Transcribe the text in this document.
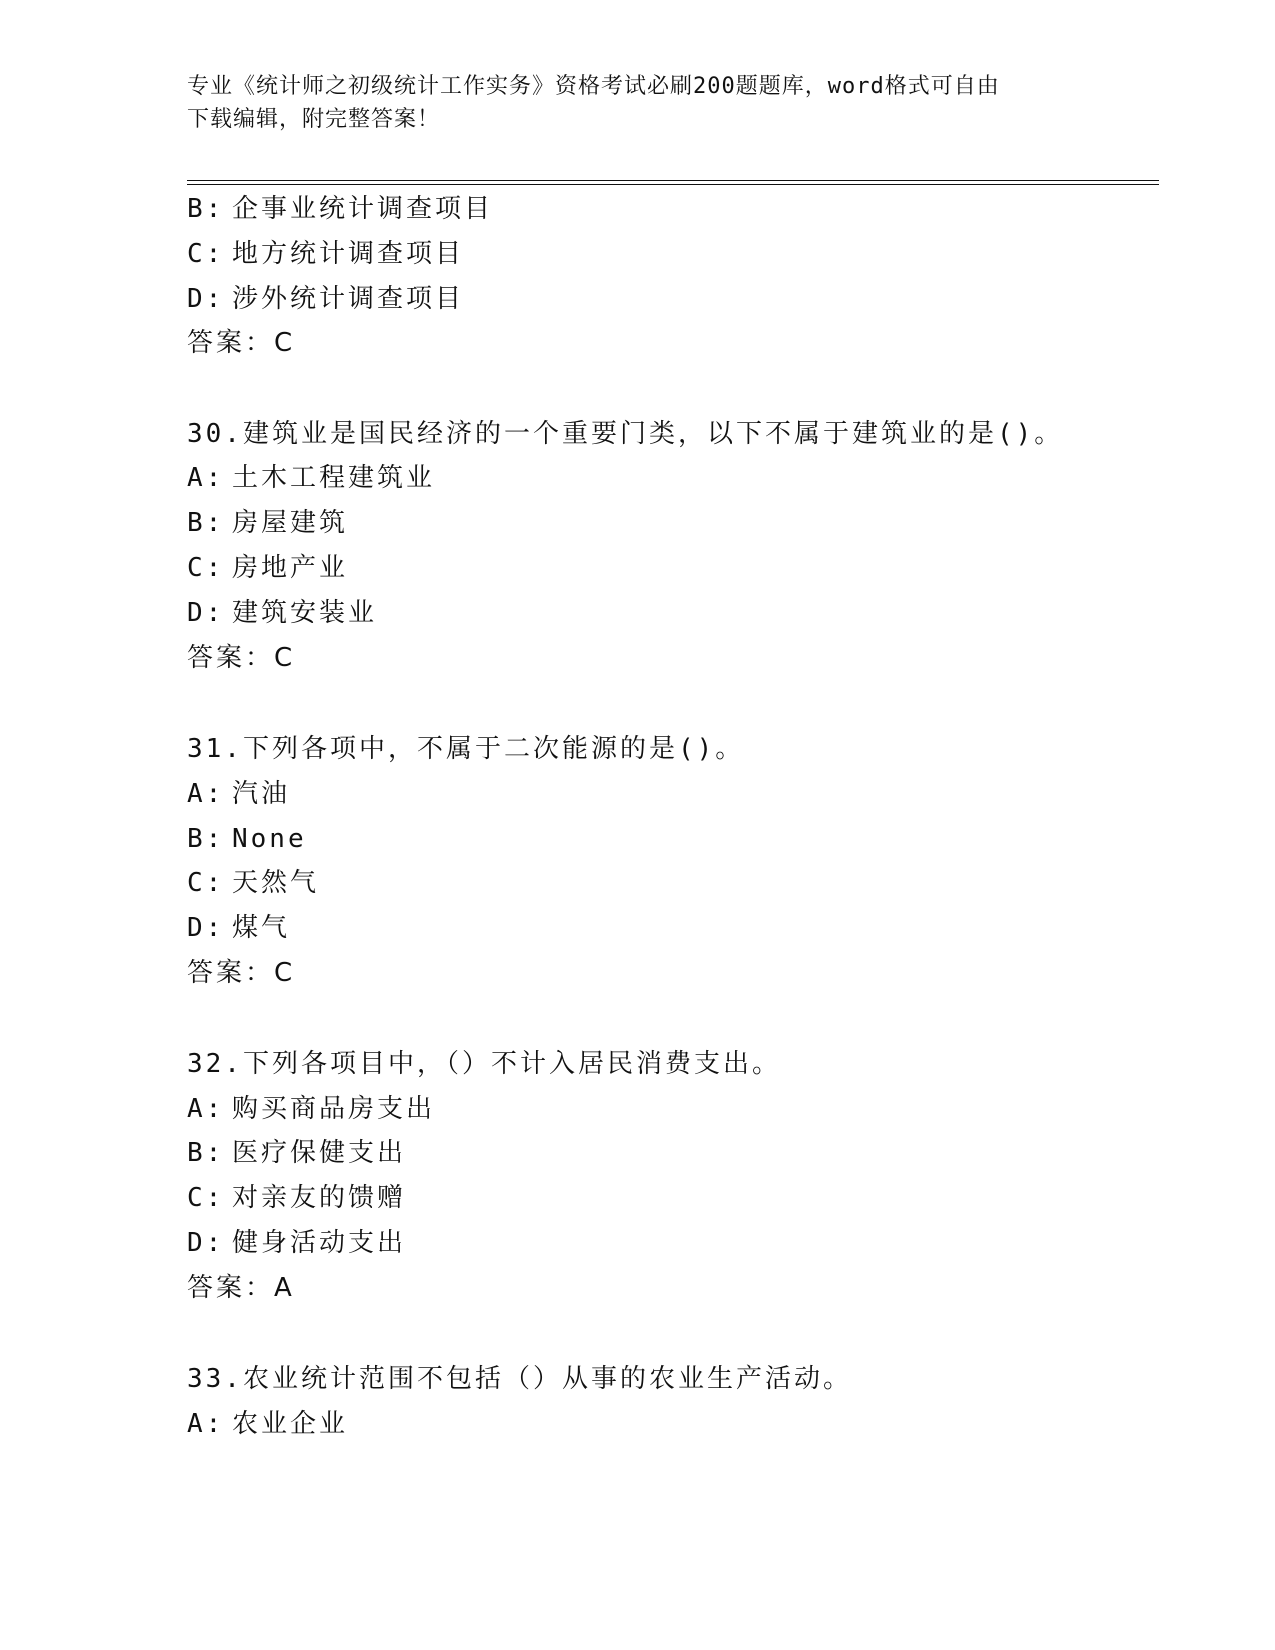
专业《统计师之初级统计工作实务》资格考试必刷200题题库，word格式可自由
下载编辑，附完整答案！
B: 企事业统计调查项目
C: 地方统计调查项目
D: 涉外统计调查项目
答案：C
30.建筑业是国民经济的一个重要门类，以下不属于建筑业的是()。
A: 土木工程建筑业
B: 房屋建筑
C: 房地产业
D: 建筑安装业
答案：C
31.下列各项中，不属于二次能源的是()。
A: 汽油
B: None
C: 天然气
D: 煤气
答案：C
32.下列各项目中，（）不计入居民消费支出。
A: 购买商品房支出
B: 医疗保健支出
C: 对亲友的馈赠
D: 健身活动支出
答案：A
33.农业统计范围不包括（）从事的农业生产活动。
A: 农业企业
